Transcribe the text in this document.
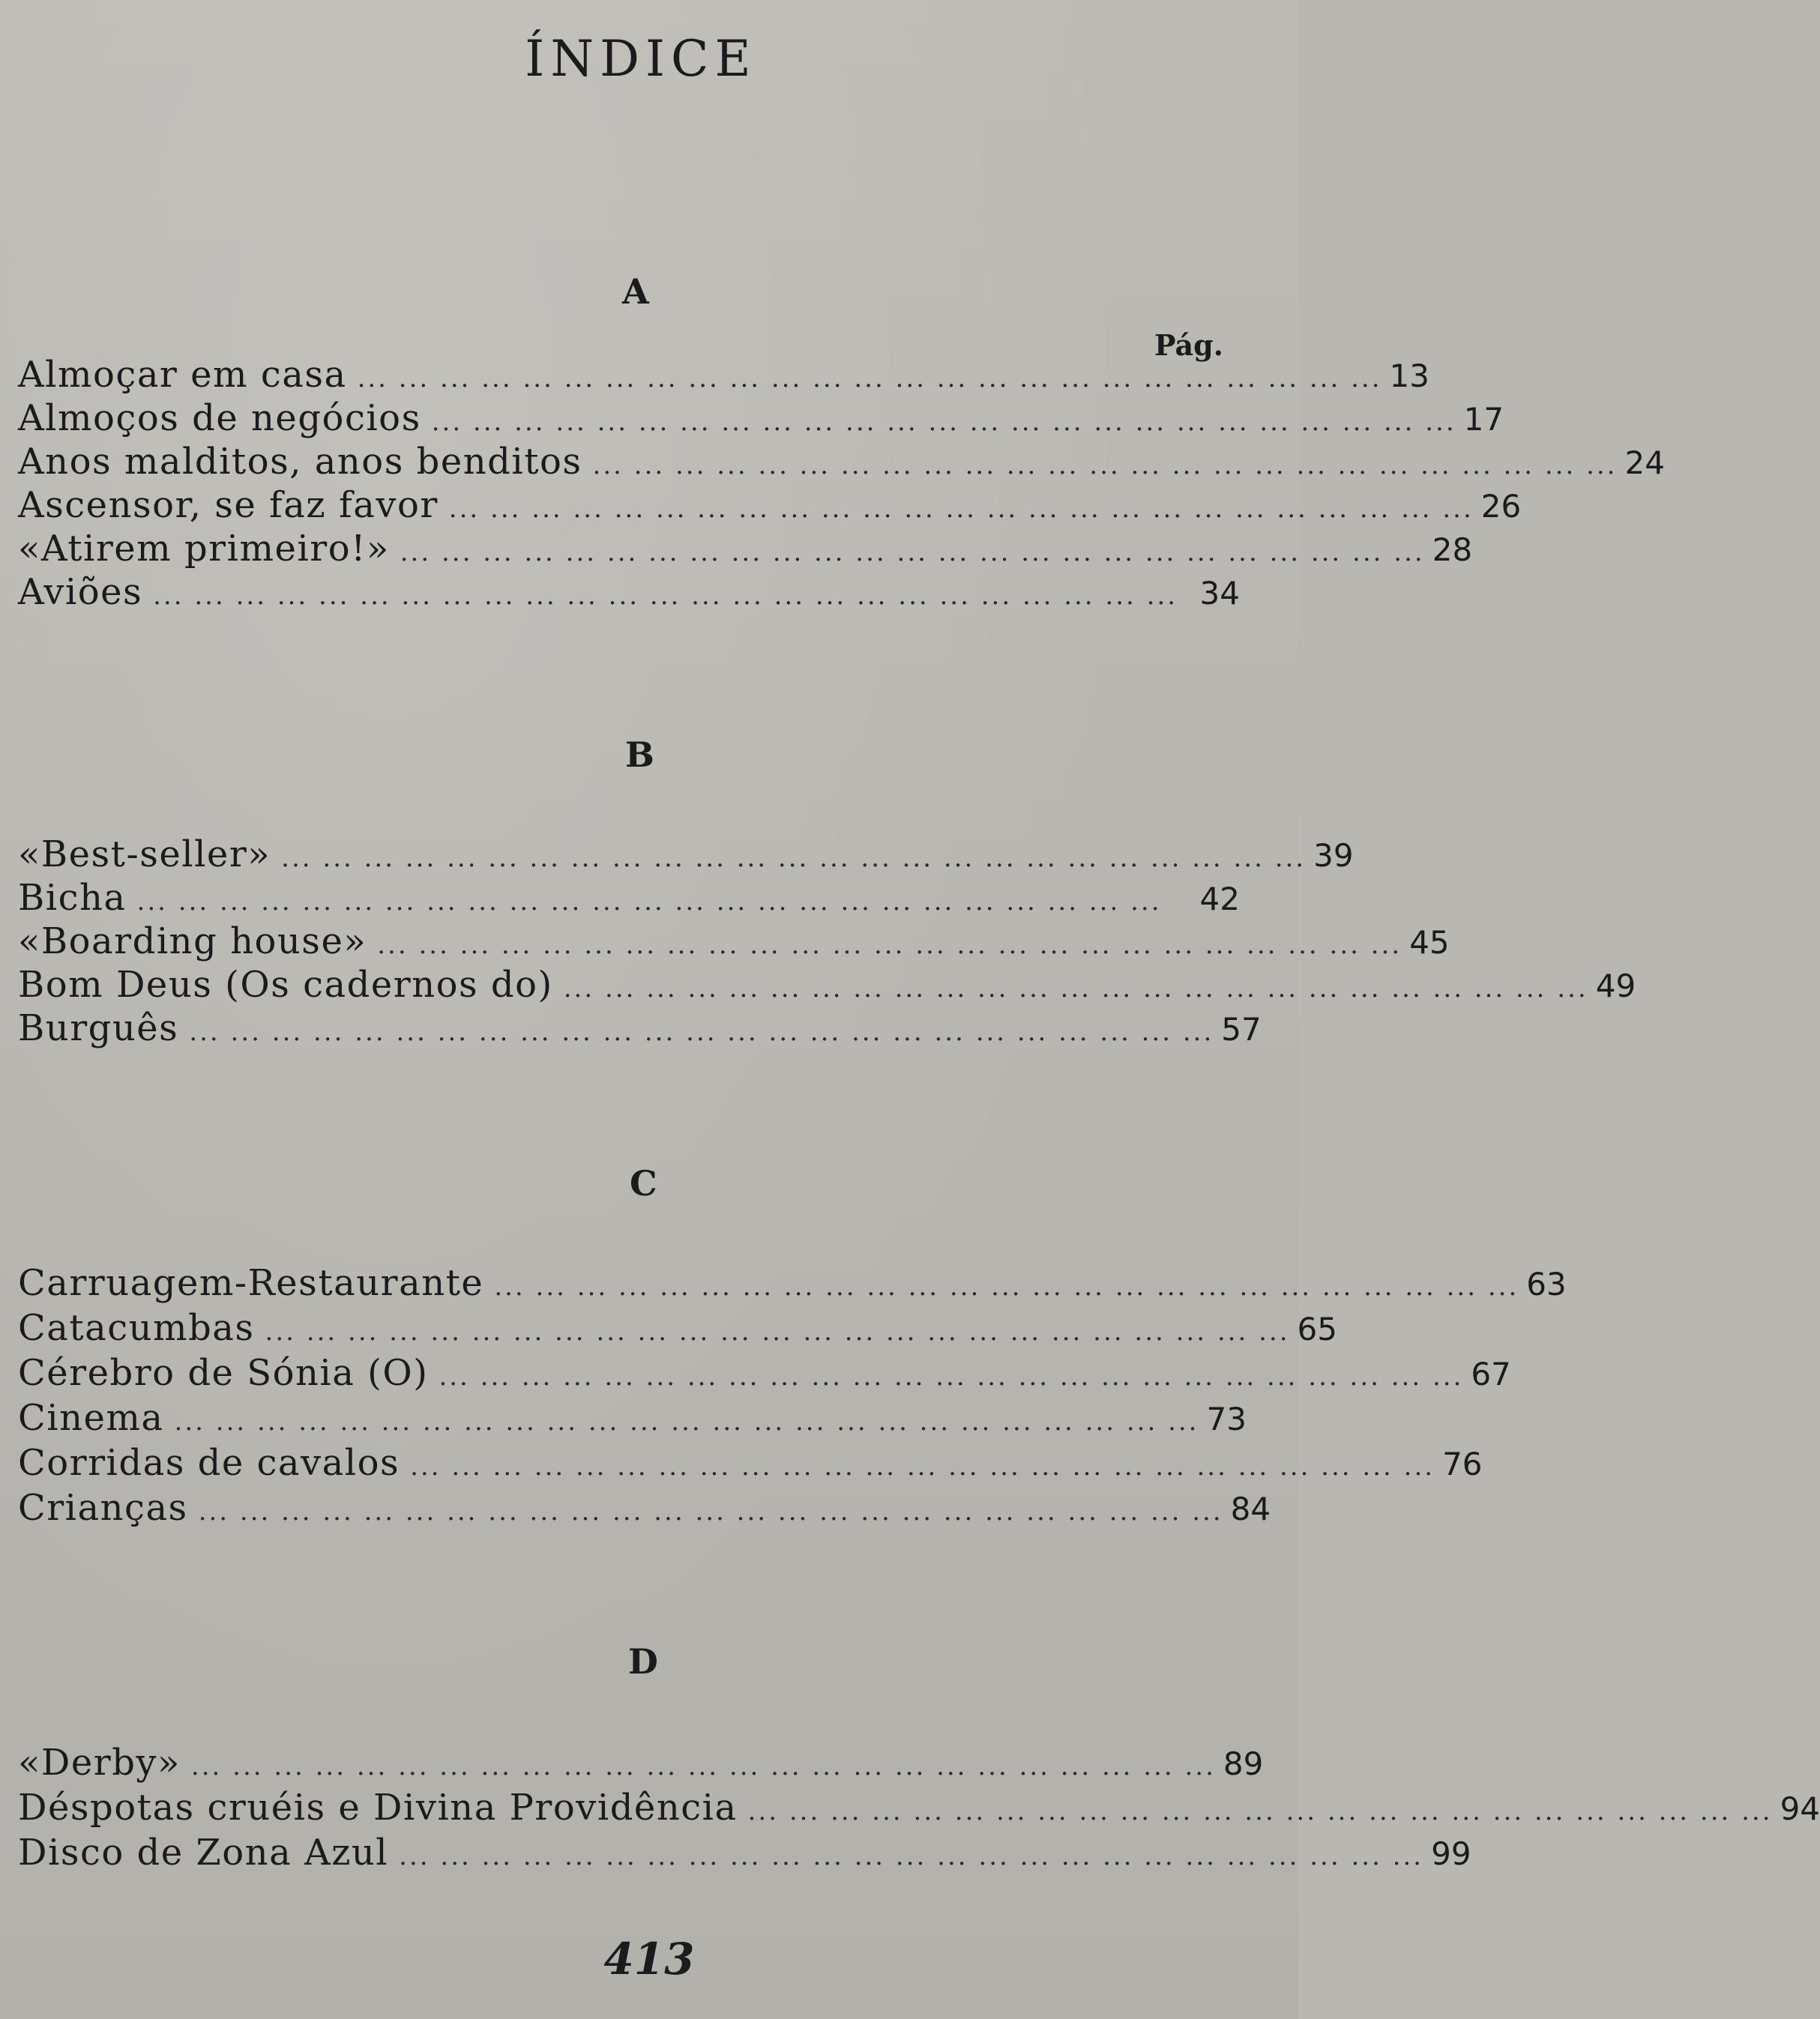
ÍNDICE
A
Pág.
Almoçar em casa ... ... ... ... ... ... ... ... ... ... ... ... ... ... ... ... ... ... ... ... ... ... ... ... ... 13
Almoços de negócios ... ... ... ... ... ... ... ... ... ... ... ... ... ... ... ... ... ... ... ... ... ... ... ... ... 17
Anos malditos, anos benditos ... ... ... ... ... ... ... ... ... ... ... ... ... ... ... ... ... ... ... ... ... ... ... ... ... 24
Ascensor, se faz favor ... ... ... ... ... ... ... ... ... ... ... ... ... ... ... ... ... ... ... ... ... ... ... ... ... 26
«Atirem primeiro!» ... ... ... ... ... ... ... ... ... ... ... ... ... ... ... ... ... ... ... ... ... ... ... ... ... 28
Aviões ... ... ... ... ... ... ... ... ... ... ... ... ... ... ... ... ... ... ... ... ... ... ... ... ... 34
B
«Best-seller» ... ... ... ... ... ... ... ... ... ... ... ... ... ... ... ... ... ... ... ... ... ... ... ... ... 39
Bicha ... ... ... ... ... ... ... ... ... ... ... ... ... ... ... ... ... ... ... ... ... ... ... ... ...	42
«Boarding house» ... ... ... ... ... ... ... ... ... ... ... ... ... ... ... ... ... ... ... ... ... ... ... ... ... 45
Bom Deus (Os cadernos do) ... ... ... ... ... ... ... ... ... ... ... ... ... ... ... ... ... ... ... ... ... ... ... ... ... 49
Burguês ... ... ... ... ... ... ... ... ... ... ... ... ... ... ... ... ... ... ... ... ... ... ... ... ... 57
C
Carruagem-Restaurante ... ... ... ... ... ... ... ... ... ... ... ... ... ... ... ... ... ... ... ... ... ... ... ... ... 63
Catacumbas ... ... ... ... ... ... ... ... ... ... ... ... ... ... ... ... ... ... ... ... ... ... ... ... ... 65
Cérebro de Sónia (O) ... ... ... ... ... ... ... ... ... ... ... ... ... ... ... ... ... ... ... ... ... ... ... ... ... 67
Cinema ... ... ... ... ... ... ... ... ... ... ... ... ... ... ... ... ... ... ... ... ... ... ... ... ... 73
Corridas de cavalos ... ... ... ... ... ... ... ... ... ... ... ... ... ... ... ... ... ... ... ... ... ... ... ... ... 76
Crianças ... ... ... ... ... ... ... ... ... ... ... ... ... ... ... ... ... ... ... ... ... ... ... ... ... 84
D
«Derby» ... ... ... ... ... ... ... ... ... ... ... ... ... ... ... ... ... ... ... ... ... ... ... ... ... 89
Déspotas cruéis e Divina Providência ... ... ... ... ... ... ... ... ... ... ... ... ... ... ... ... ... ... ... ... ... ... ... ... ... 94
Disco de Zona Azul ... ... ... ... ... ... ... ... ... ... ... ... ... ... ... ... ... ... ... ... ... ... ... ... ... 99
413
